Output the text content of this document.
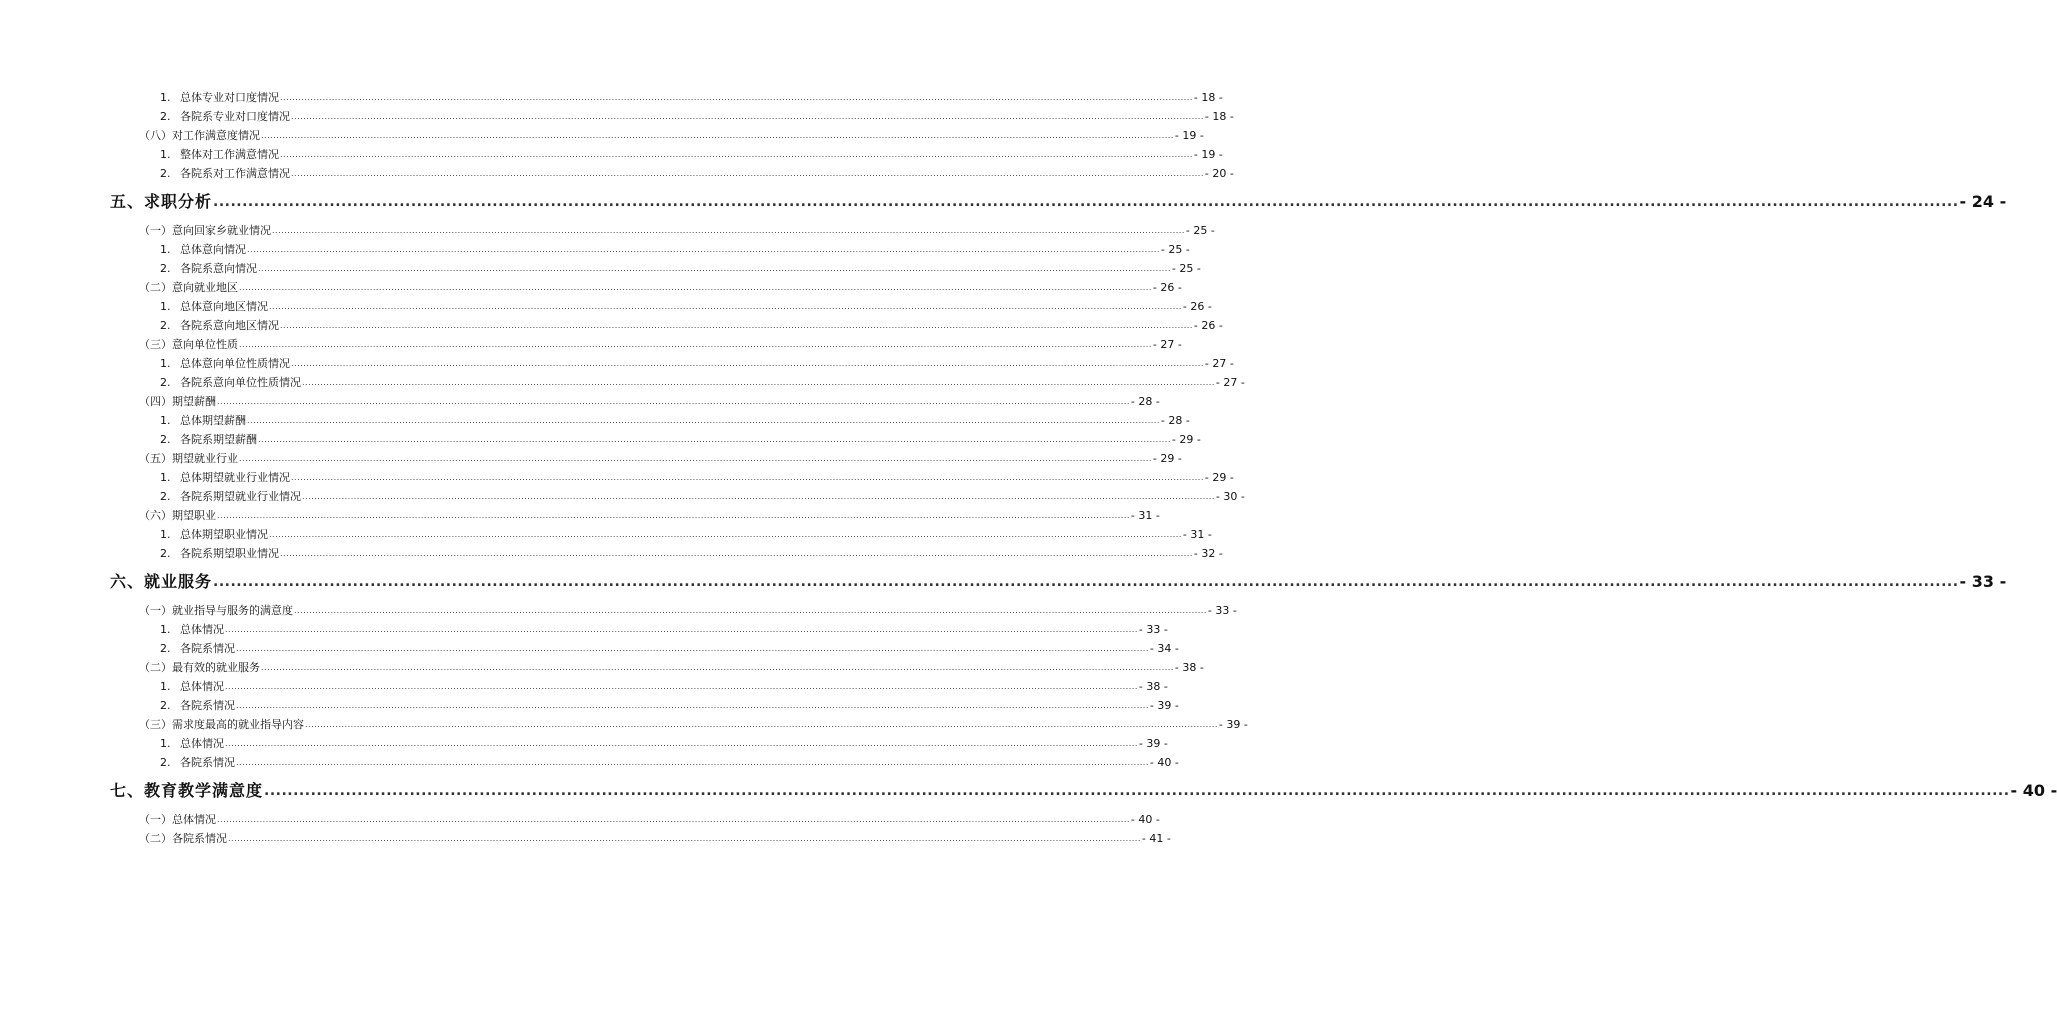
1. 总体专业对口度情况 ............................................................................................................................................................................................................................................................................................................ - 18 -
2. 各院系专业对口度情况 ............................................................................................................................................................................................................................................................................................................ - 18 -
（八）对工作满意度情况 ............................................................................................................................................................................................................................................................................................................ - 19 -
1. 整体对工作满意情况 ............................................................................................................................................................................................................................................................................................................ - 19 -
2. 各院系对工作满意情况 ............................................................................................................................................................................................................................................................................................................ - 20 -
五、求职分析 ............................................................................................................................................................................................................................................................................................................ - 24 -
（一）意向回家乡就业情况 ............................................................................................................................................................................................................................................................................................................ - 25 -
1. 总体意向情况 ............................................................................................................................................................................................................................................................................................................ - 25 -
2. 各院系意向情况 ............................................................................................................................................................................................................................................................................................................ - 25 -
（二）意向就业地区 ............................................................................................................................................................................................................................................................................................................ - 26 -
1. 总体意向地区情况 ............................................................................................................................................................................................................................................................................................................ - 26 -
2. 各院系意向地区情况 ............................................................................................................................................................................................................................................................................................................ - 26 -
（三）意向单位性质 ............................................................................................................................................................................................................................................................................................................ - 27 -
1. 总体意向单位性质情况 ............................................................................................................................................................................................................................................................................................................ - 27 -
2. 各院系意向单位性质情况 ............................................................................................................................................................................................................................................................................................................ - 27 -
（四）期望薪酬 ............................................................................................................................................................................................................................................................................................................ - 28 -
1. 总体期望薪酬 ............................................................................................................................................................................................................................................................................................................ - 28 -
2. 各院系期望薪酬 ............................................................................................................................................................................................................................................................................................................ - 29 -
（五）期望就业行业 ............................................................................................................................................................................................................................................................................................................ - 29 -
1. 总体期望就业行业情况 ............................................................................................................................................................................................................................................................................................................ - 29 -
2. 各院系期望就业行业情况 ............................................................................................................................................................................................................................................................................................................ - 30 -
（六）期望职业 ............................................................................................................................................................................................................................................................................................................ - 31 -
1. 总体期望职业情况 ............................................................................................................................................................................................................................................................................................................ - 31 -
2. 各院系期望职业情况 ............................................................................................................................................................................................................................................................................................................ - 32 -
六、就业服务 ............................................................................................................................................................................................................................................................................................................ - 33 -
（一）就业指导与服务的满意度 ............................................................................................................................................................................................................................................................................................................ - 33 -
1. 总体情况 ............................................................................................................................................................................................................................................................................................................ - 33 -
2. 各院系情况 ............................................................................................................................................................................................................................................................................................................ - 34 -
（二）最有效的就业服务 ............................................................................................................................................................................................................................................................................................................ - 38 -
1. 总体情况 ............................................................................................................................................................................................................................................................................................................ - 38 -
2. 各院系情况 ............................................................................................................................................................................................................................................................................................................ - 39 -
（三）需求度最高的就业指导内容 ............................................................................................................................................................................................................................................................................................................ - 39 -
1. 总体情况 ............................................................................................................................................................................................................................................................................................................ - 39 -
2. 各院系情况 ............................................................................................................................................................................................................................................................................................................ - 40 -
七、教育教学满意度 ............................................................................................................................................................................................................................................................................................................ - 40 -
（一）总体情况 ............................................................................................................................................................................................................................................................................................................ - 40 -
（二）各院系情况 ............................................................................................................................................................................................................................................................................................................ - 41 -
